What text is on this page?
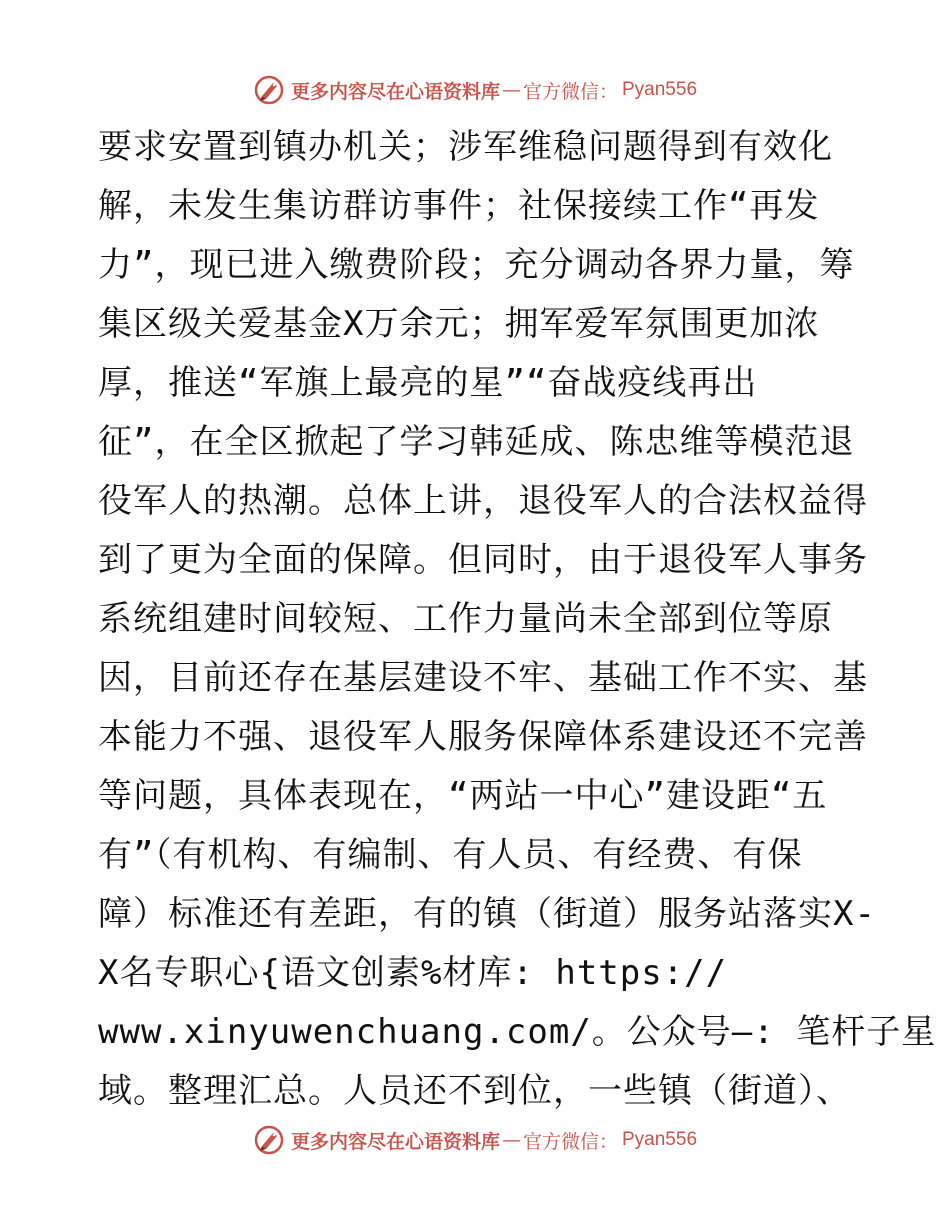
更多内容尽在心语资料库 — 官方微信： Pyan556
要求安置到镇办机关；涉军维稳问题得到有效化
解，未发生集访群访事件；社保接续工作“再发
力”，现已进入缴费阶段；充分调动各界力量，筹
集区级关爱基金X万余元；拥军爱军氛围更加浓
厚，推送“军旗上最亮的星”“奋战疫线再出
征”，在全区掀起了学习韩延成、陈忠维等模范退
役军人的热潮。总体上讲，退役军人的合法权益得
到了更为全面的保障。但同时，由于退役军人事务
系统组建时间较短、工作力量尚未全部到位等原
因，目前还存在基层建设不牢、基础工作不实、基
本能力不强、退役军人服务保障体系建设还不完善
等问题，具体表现在，“两站一中心”建设距“五
有”（有机构、有编制、有人员、有经费、有保
障）标准还有差距，有的镇（街道）服务站落实X-
X名专职心{语文创素%材库: https://
www.xinyuwenchuang.com/。公众号—: 笔杆子星
域。整理汇总。人员还不到位，一些镇（街道）、
更多内容尽在心语资料库 — 官方微信： Pyan556
